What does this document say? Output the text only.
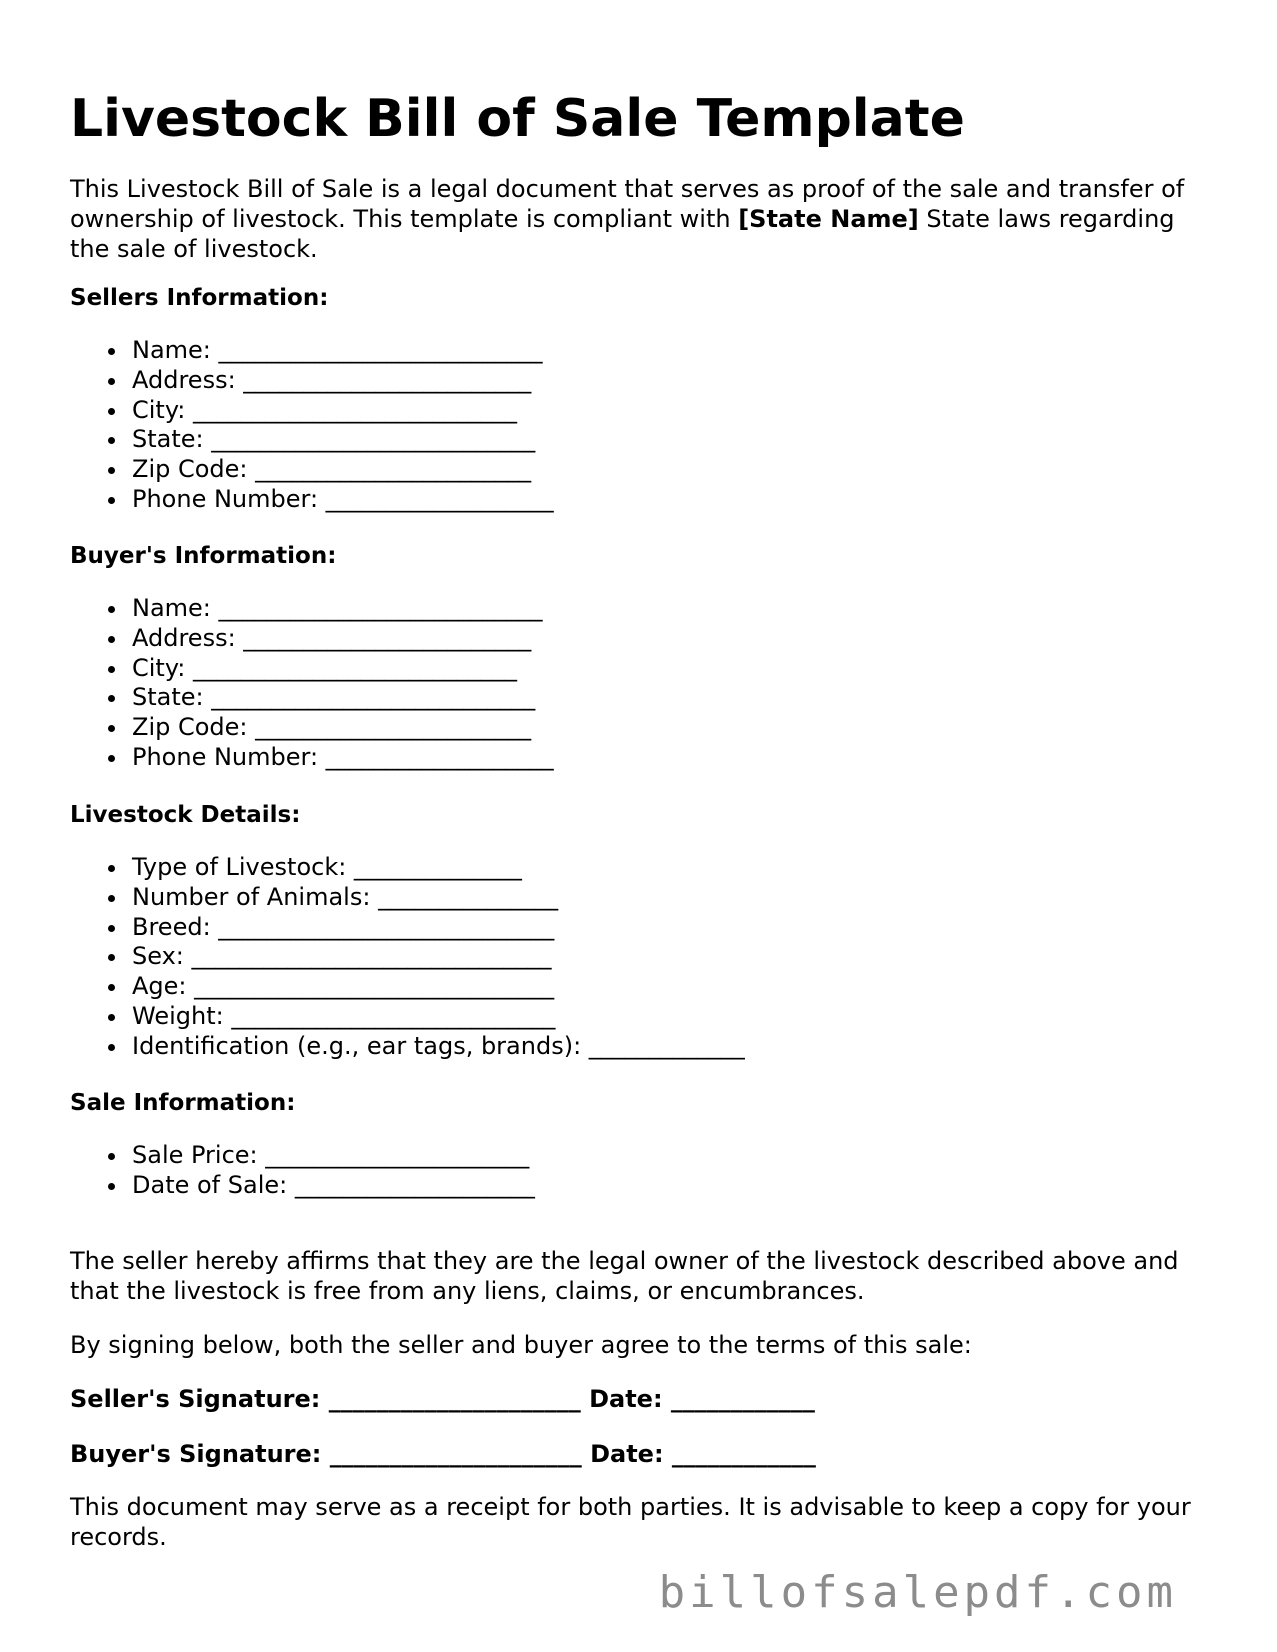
Livestock Bill of Sale Template

This Livestock Bill of Sale is a legal document that serves as proof of the sale and transfer of ownership of livestock. This template is compliant with [State Name] State laws regarding the sale of livestock.

Sellers Information:
Name: ___________________________
Address: ________________________
City: ___________________________
State: ___________________________
Zip Code: _______________________
Phone Number: ___________________
Buyer's Information:
Name: ___________________________
Address: ________________________
City: ___________________________
State: ___________________________
Zip Code: _______________________
Phone Number: ___________________
Livestock Details:
Type of Livestock: ______________
Number of Animals: _______________
Breed: ____________________________
Sex: ______________________________
Age: ______________________________
Weight: ___________________________
Identification (e.g., ear tags, brands): _____________
Sale Information:
Sale Price: ______________________
Date of Sale: ____________________

The seller hereby affirms that they are the legal owner of the livestock described above and that the livestock is free from any liens, claims, or encumbrances.

By signing below, both the seller and buyer agree to the terms of this sale:

Seller's Signature: _____________________ Date: ____________
Buyer's Signature: _____________________ Date: ____________

This document may serve as a receipt for both parties. It is advisable to keep a copy for your records.

billofsalepdf.com
